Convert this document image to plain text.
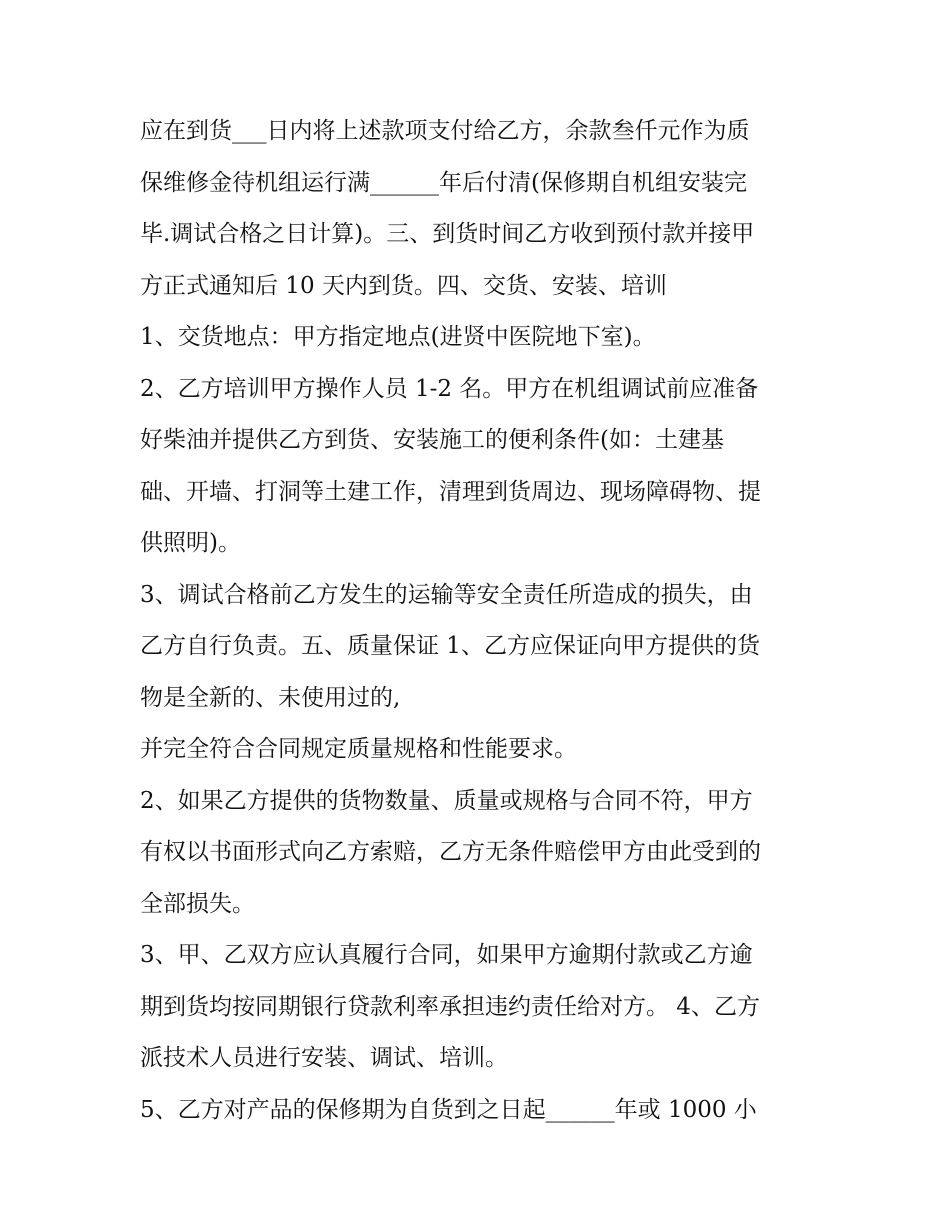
应在到货___日内将上述款项支付给乙方，余款叁仟元作为质
保维修金待机组运行满______年后付清(保修期自机组安装完
毕.调试合格之日计算)。三、到货时间乙方收到预付款并接甲
方正式通知后 10 天内到货。四、交货、安装、培训
1、交货地点：甲方指定地点(进贤中医院地下室)。
2、乙方培训甲方操作人员 1-2 名。甲方在机组调试前应准备
好柴油并提供乙方到货、安装施工的便利条件(如：土建基
础、开墙、打洞等土建工作，清理到货周边、现场障碍物、提
供照明)。
3、调试合格前乙方发生的运输等安全责任所造成的损失，由
乙方自行负责。五、质量保证 1、乙方应保证向甲方提供的货
物是全新的、未使用过的,
并完全符合合同规定质量规格和性能要求。
2、如果乙方提供的货物数量、质量或规格与合同不符，甲方
有权以书面形式向乙方索赔，乙方无条件赔偿甲方由此受到的
全部损失。
3、甲、乙双方应认真履行合同，如果甲方逾期付款或乙方逾
期到货均按同期银行贷款利率承担违约责任给对方。 4、乙方
派技术人员进行安装、调试、培训。
5、乙方对产品的保修期为自货到之日起______年或 1000 小
